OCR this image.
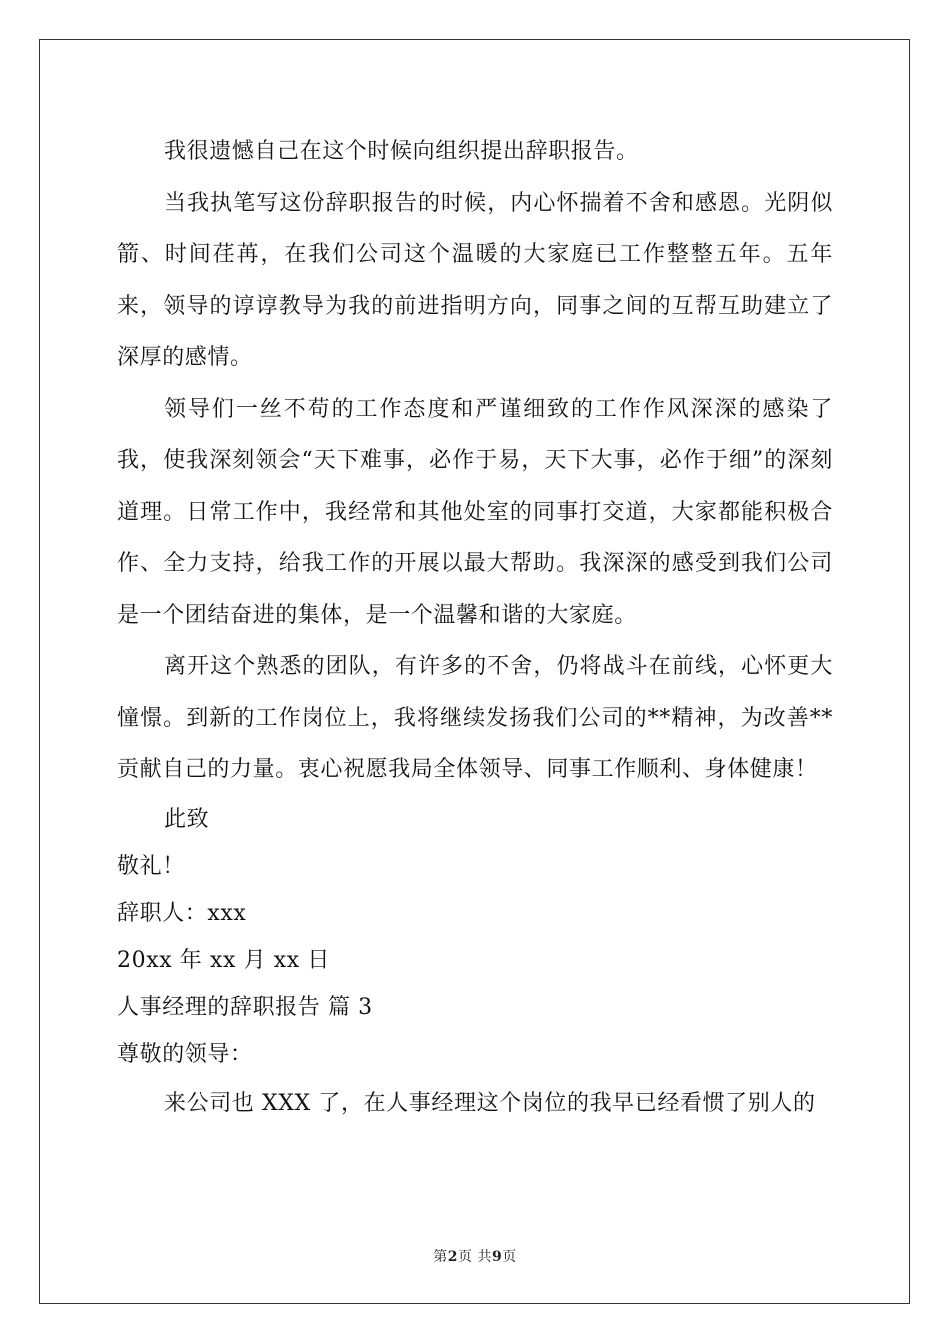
我很遗憾自己在这个时候向组织提出辞职报告。

当我执笔写这份辞职报告的时候，内心怀揣着不舍和感恩。光阴似箭、时间荏苒，在我们公司这个温暖的大家庭已工作整整五年。五年来，领导的谆谆教导为我的前进指明方向，同事之间的互帮互助建立了深厚的感情。

领导们一丝不苟的工作态度和严谨细致的工作作风深深的感染了我，使我深刻领会“天下难事，必作于易，天下大事，必作于细”的深刻道理。日常工作中，我经常和其他处室的同事打交道，大家都能积极合作、全力支持，给我工作的开展以最大帮助。我深深的感受到我们公司是一个团结奋进的集体，是一个温馨和谐的大家庭。

离开这个熟悉的团队，有许多的不舍，仍将战斗在前线，心怀更大憧憬。到新的工作岗位上，我将继续发扬我们公司的**精神，为改善**贡献自己的力量。衷心祝愿我局全体领导、同事工作顺利、身体健康！

此致

敬礼！

辞职人：xxx

20xx 年 xx 月 xx 日

人事经理的辞职报告 篇 3

尊敬的领导：

来公司也 XXX 了，在人事经理这个岗位的我早已经看惯了别人的

第2页 共9页
